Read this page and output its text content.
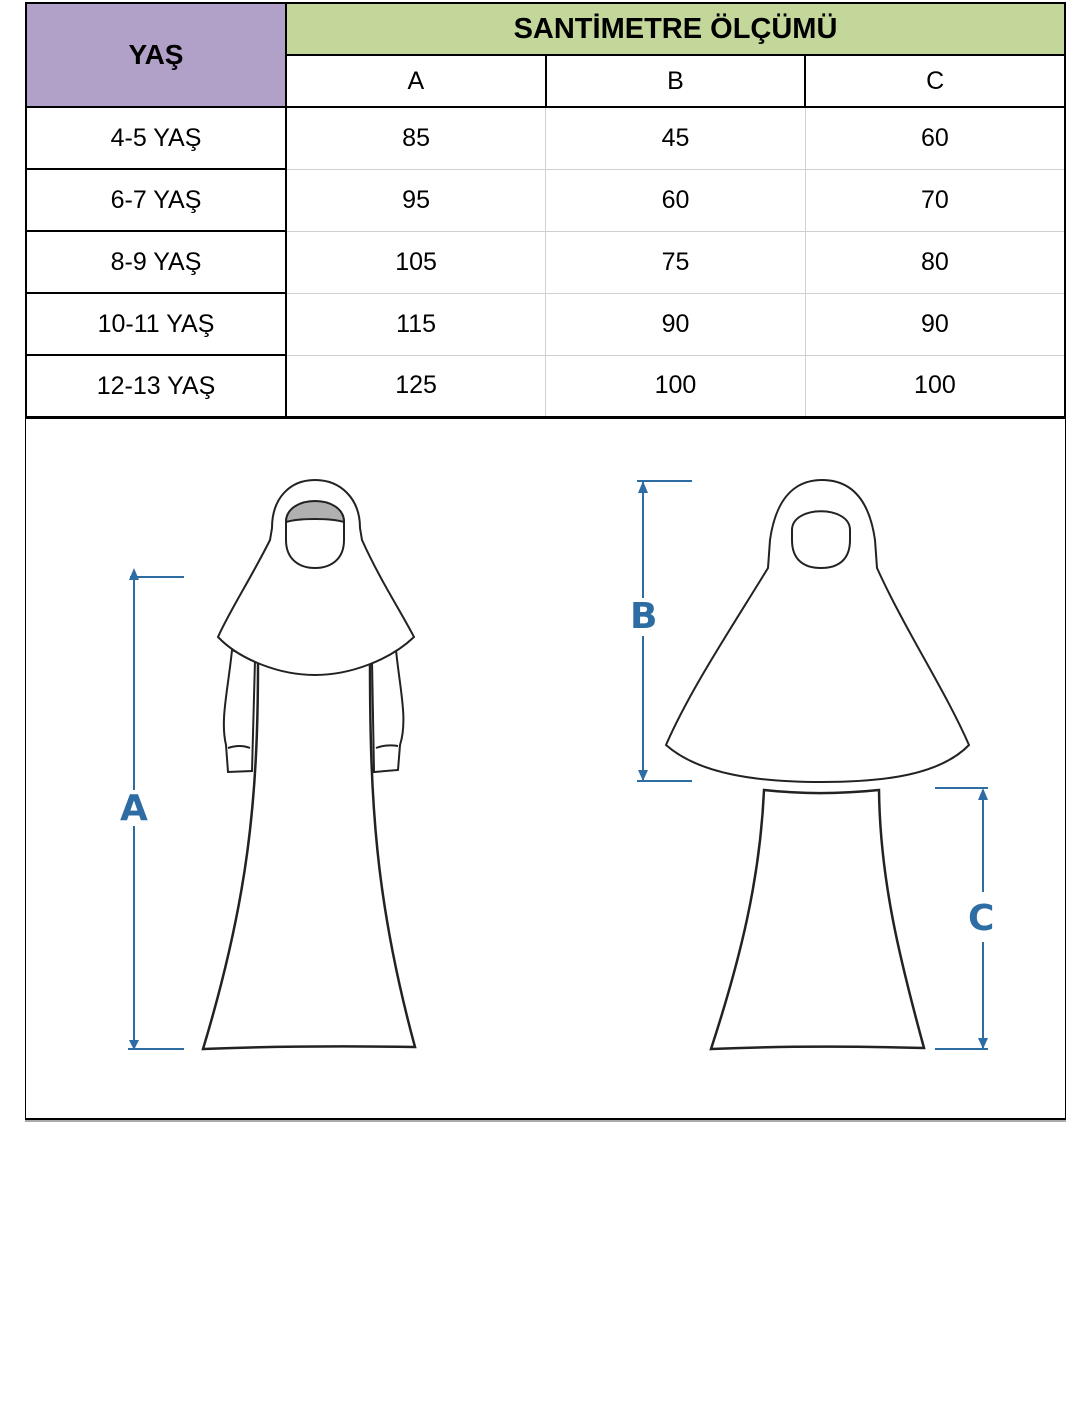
YAŞ	SANTİMETRE ÖLÇÜMÜ		
	A	B	C
4-5 YAŞ	85	45	60
6-7 YAŞ	95	60	70
8-9 YAŞ	105	75	80
10-11 YAŞ	115	90	90
12-13 YAŞ	125	100	100
A
B
C
